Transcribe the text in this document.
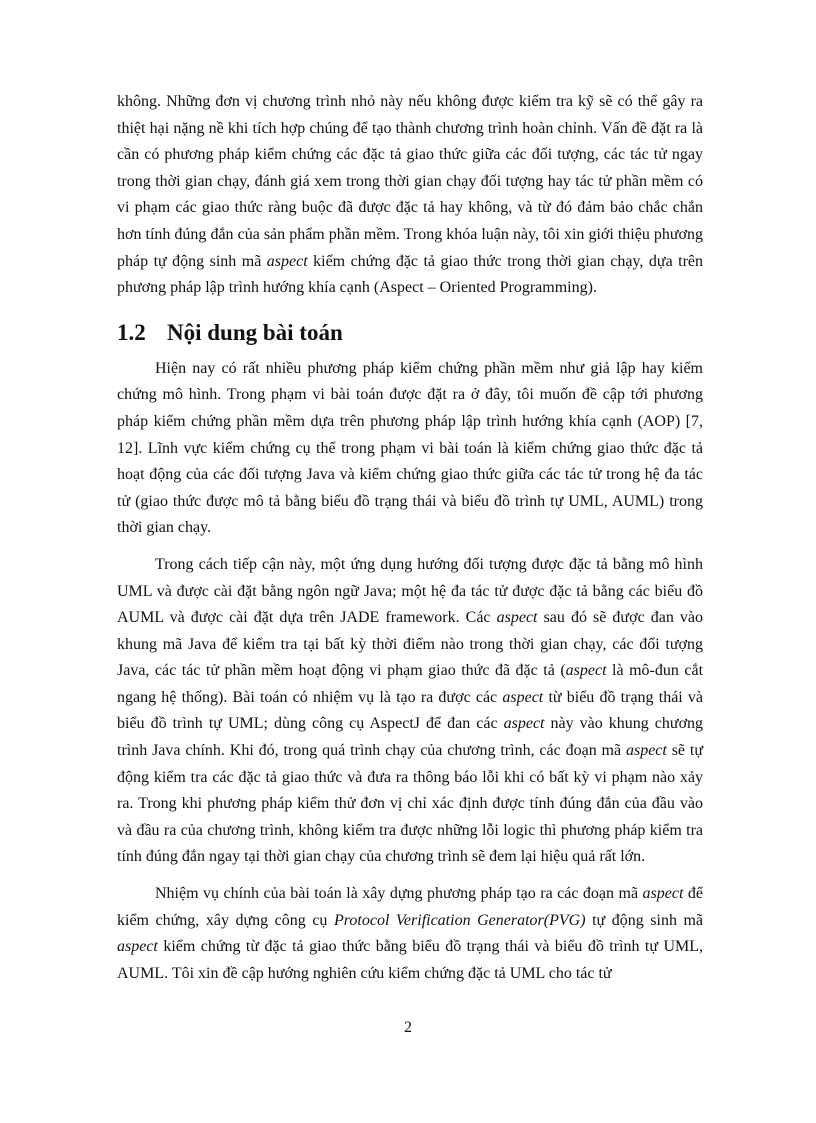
không. Những đơn vị chương trình nhỏ này nếu không được kiểm tra kỹ sẽ có thể gây ra thiệt hại nặng nề khi tích hợp chúng để tạo thành chương trình hoàn chỉnh. Vấn đề đặt ra là cần có phương pháp kiểm chứng các đặc tả giao thức giữa các đối tượng, các tác tử ngay trong thời gian chạy, đánh giá xem trong thời gian chạy đối tượng hay tác tử phần mềm có vi phạm các giao thức ràng buộc đã được đặc tả hay không, và từ đó đảm bảo chắc chắn hơn tính đúng đắn của sản phẩm phần mềm. Trong khóa luận này, tôi xin giới thiệu phương pháp tự động sinh mã aspect kiểm chứng đặc tả giao thức trong thời gian chạy, dựa trên phương pháp lập trình hướng khía cạnh (Aspect – Oriented Programming).

1.2 Nội dung bài toán

Hiện nay có rất nhiều phương pháp kiểm chứng phần mềm như giả lập hay kiểm chứng mô hình. Trong phạm vi bài toán được đặt ra ở đây, tôi muốn đề cập tới phương pháp kiểm chứng phần mềm dựa trên phương pháp lập trình hướng khía cạnh (AOP) [7, 12]. Lĩnh vực kiểm chứng cụ thể trong phạm vi bài toán là kiểm chứng giao thức đặc tả hoạt động của các đối tượng Java và kiểm chứng giao thức giữa các tác tử trong hệ đa tác tử (giao thức được mô tả bằng biểu đồ trạng thái và biểu đồ trình tự UML, AUML) trong thời gian chạy.

Trong cách tiếp cận này, một ứng dụng hướng đối tượng được đặc tả bằng mô hình UML và được cài đặt bằng ngôn ngữ Java; một hệ đa tác tử được đặc tả bằng các biểu đồ AUML và được cài đặt dựa trên JADE framework. Các aspect sau đó sẽ được đan vào khung mã Java để kiểm tra tại bất kỳ thời điểm nào trong thời gian chạy, các đối tượng Java, các tác tử phần mềm hoạt động vi phạm giao thức đã đặc tả (aspect là mô-đun cắt ngang hệ thống). Bài toán có nhiệm vụ là tạo ra được các aspect từ biểu đồ trạng thái và biểu đồ trình tự UML; dùng công cụ AspectJ để đan các aspect này vào khung chương trình Java chính. Khi đó, trong quá trình chạy của chương trình, các đoạn mã aspect sẽ tự động kiểm tra các đặc tả giao thức và đưa ra thông báo lỗi khi có bất kỳ vi phạm nào xảy ra. Trong khi phương pháp kiểm thử đơn vị chỉ xác định được tính đúng đắn của đầu vào và đầu ra của chương trình, không kiểm tra được những lỗi logic thì phương pháp kiểm tra tính đúng đắn ngay tại thời gian chạy của chương trình sẽ đem lại hiệu quả rất lớn.

Nhiệm vụ chính của bài toán là xây dựng phương pháp tạo ra các đoạn mã aspect để kiểm chứng, xây dựng công cụ Protocol Verification Generator(PVG) tự động sinh mã aspect kiểm chứng từ đặc tả giao thức bằng biểu đồ trạng thái và biểu đồ trình tự UML, AUML. Tôi xin đề cập hướng nghiên cứu kiểm chứng đặc tả UML cho tác tử

2
